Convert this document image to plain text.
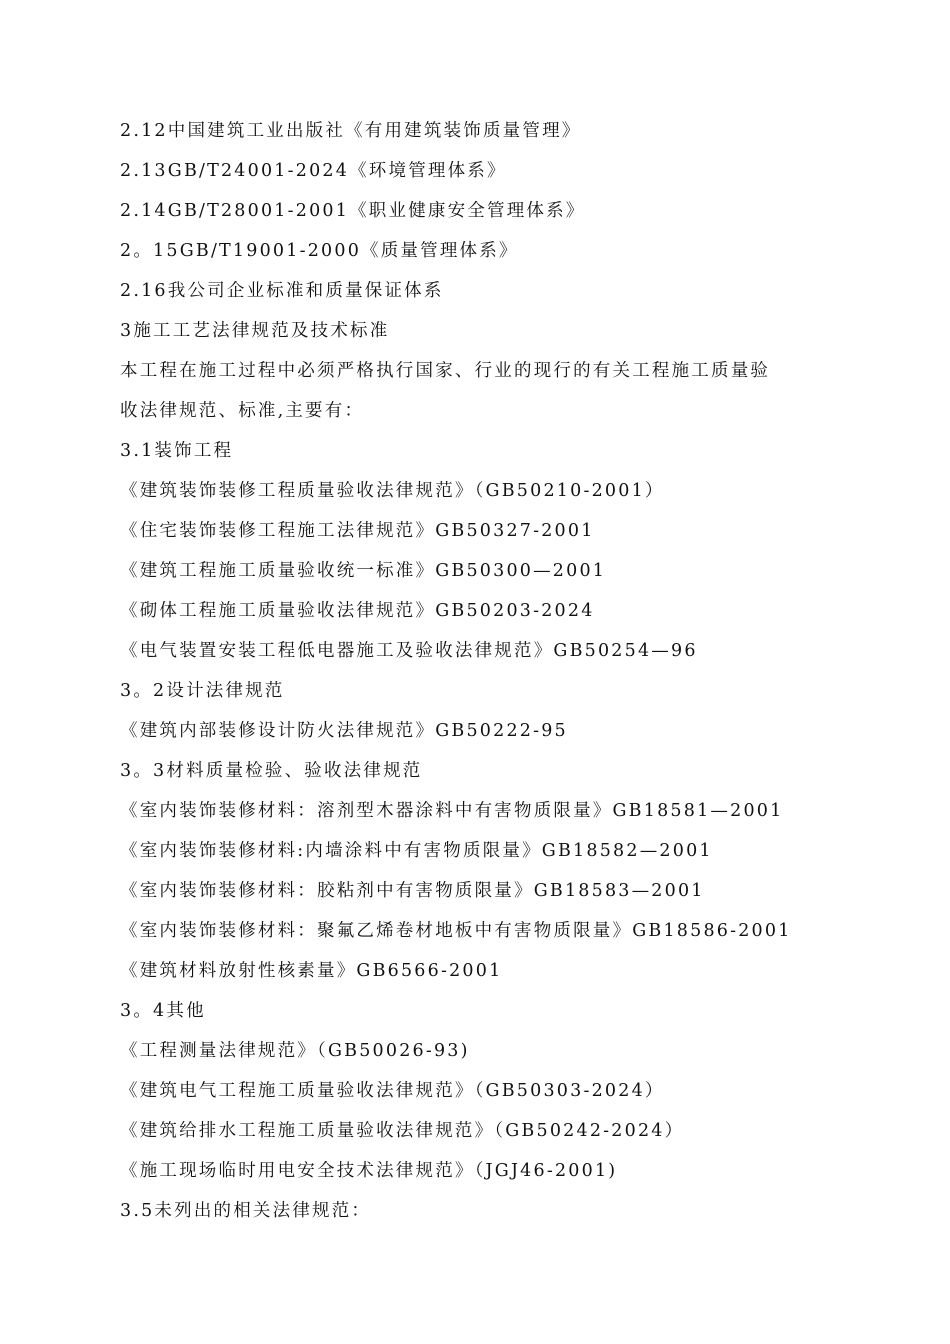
2.12中国建筑工业出版社《有用建筑装饰质量管理》
2.13GB/T24001-2024《环境管理体系》
2.14GB/T28001-2001《职业健康安全管理体系》
2。15GB/T19001-2000《质量管理体系》
2.16我公司企业标准和质量保证体系
3施工工艺法律规范及技术标准
本工程在施工过程中必须严格执行国家、行业的现行的有关工程施工质量验
收法律规范、标准,主要有：
3.1装饰工程
《建筑装饰装修工程质量验收法律规范》（GB50210-2001）
《住宅装饰装修工程施工法律规范》GB50327-2001
《建筑工程施工质量验收统一标准》GB50300—2001
《砌体工程施工质量验收法律规范》GB50203-2024
《电气装置安装工程低电器施工及验收法律规范》GB50254—96
3。2设计法律规范
《建筑内部装修设计防火法律规范》GB50222-95
3。3材料质量检验、验收法律规范
《室内装饰装修材料：溶剂型木器涂料中有害物质限量》GB18581—2001
《室内装饰装修材料:内墙涂料中有害物质限量》GB18582—2001
《室内装饰装修材料：胶粘剂中有害物质限量》GB18583—2001
《室内装饰装修材料：聚氟乙烯卷材地板中有害物质限量》GB18586-2001
《建筑材料放射性核素量》GB6566-2001
3。4其他
《工程测量法律规范》（GB50026-93)
《建筑电气工程施工质量验收法律规范》（GB50303-2024）
《建筑给排水工程施工质量验收法律规范》（GB50242-2024）
《施工现场临时用电安全技术法律规范》（JGJ46-2001)
3.5未列出的相关法律规范：
